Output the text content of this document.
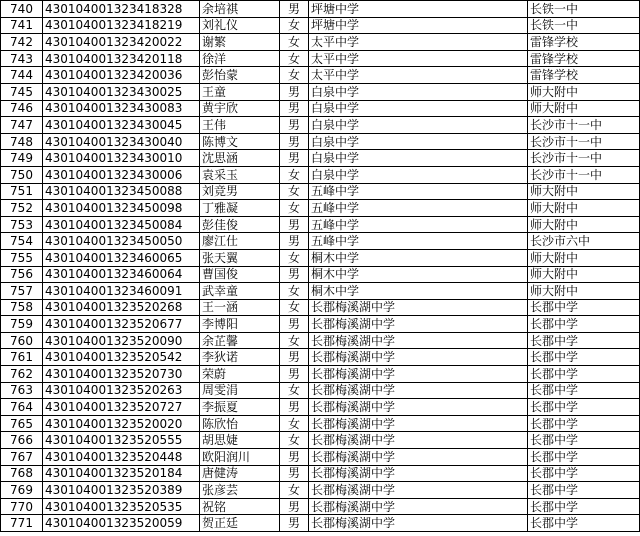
740	430104001323418328	余培祺	男	坪塘中学	长铁一中
741	430104001323418219	刘礼仪	女	坪塘中学	长铁一中
742	430104001323420022	谢繁	女	太平中学	雷锋学校
743	430104001323420118	徐洋	女	太平中学	雷锋学校
744	430104001323420036	彭怡蒙	女	太平中学	雷锋学校
745	430104001323430025	王童	男	白泉中学	师大附中
746	430104001323430083	黄宇欣	男	白泉中学	师大附中
747	430104001323430045	王伟	男	白泉中学	长沙市十一中
748	430104001323430040	陈博文	男	白泉中学	长沙市十一中
749	430104001323430010	沈思涵	男	白泉中学	长沙市十一中
750	430104001323430006	袁采玉	女	白泉中学	长沙市十一中
751	430104001323450088	刘竞男	女	五峰中学	师大附中
752	430104001323450098	丁雅凝	女	五峰中学	师大附中
753	430104001323450084	彭佳俊	男	五峰中学	师大附中
754	430104001323450050	廖江仕	男	五峰中学	长沙市六中
755	430104001323460065	张天翼	女	桐木中学	师大附中
756	430104001323460064	曹国俊	男	桐木中学	师大附中
757	430104001323460091	武幸童	女	桐木中学	师大附中
758	430104001323520268	王一涵	女	长郡梅溪湖中学	长郡中学
759	430104001323520677	李博阳	男	长郡梅溪湖中学	长郡中学
760	430104001323520090	余芷馨	女	长郡梅溪湖中学	长郡中学
761	430104001323520542	李狄诺	男	长郡梅溪湖中学	长郡中学
762	430104001323520730	荣蔚	男	长郡梅溪湖中学	长郡中学
763	430104001323520263	周雯涓	女	长郡梅溪湖中学	长郡中学
764	430104001323520727	李振夏	男	长郡梅溪湖中学	长郡中学
765	430104001323520020	陈欣怡	女	长郡梅溪湖中学	长郡中学
766	430104001323520555	胡思婕	女	长郡梅溪湖中学	长郡中学
767	430104001323520448	欧阳润川	男	长郡梅溪湖中学	长郡中学
768	430104001323520184	唐健涛	男	长郡梅溪湖中学	长郡中学
769	430104001323520389	张彦芸	女	长郡梅溪湖中学	长郡中学
770	430104001323520535	祝铭	男	长郡梅溪湖中学	长郡中学
771	430104001323520059	贺正廷	男	长郡梅溪湖中学	长郡中学
